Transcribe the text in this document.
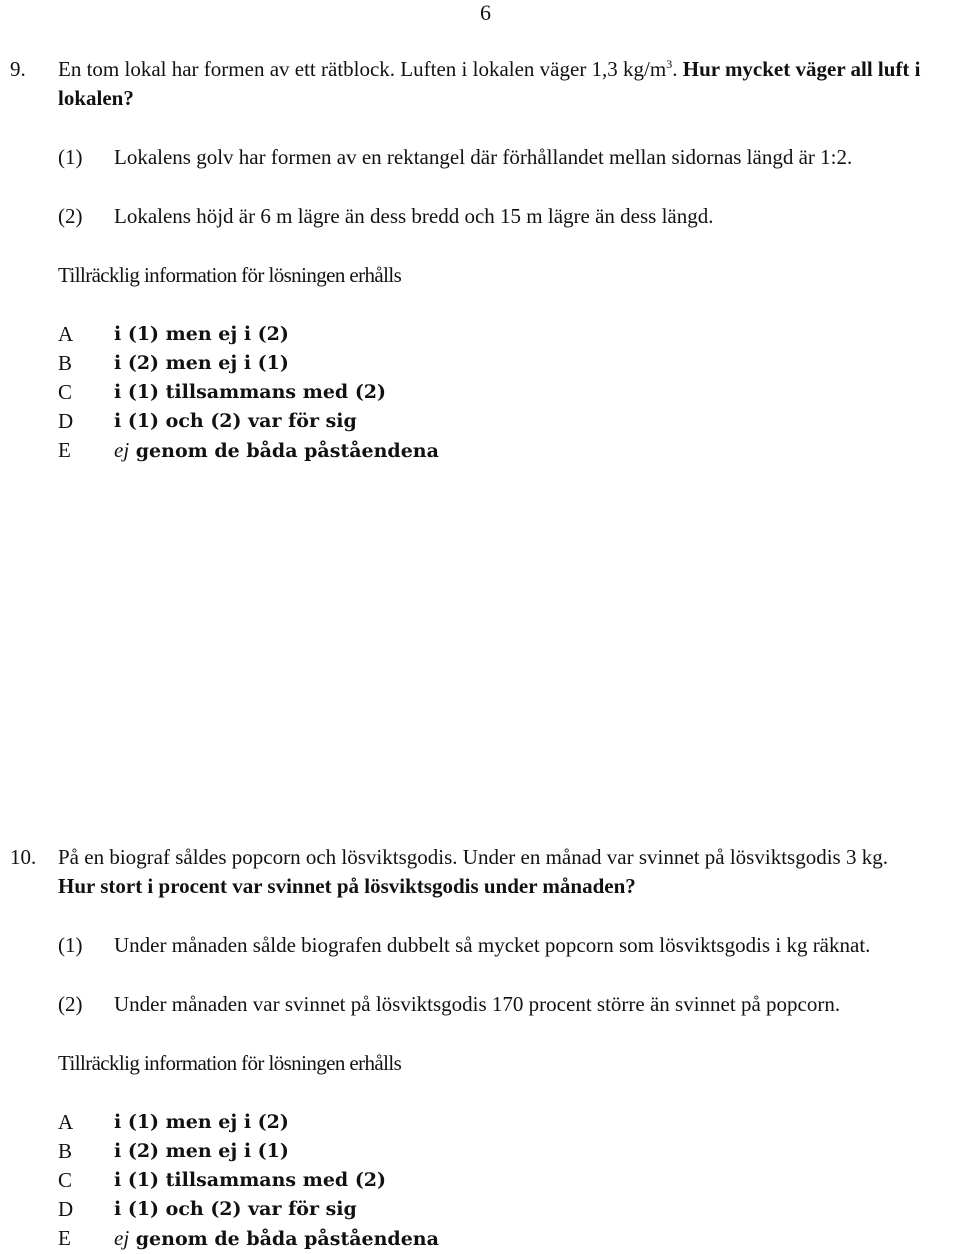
6
9. En tom lokal har formen av ett rätblock. Luften i lokalen väger 1,3 $kg/m^3$. Hur mycket väger all luft i lokalen?
(1) Lokalens golv har formen av en rektangel där förhållandet mellan sidornas längd är 1:2.
(2) Lokalens höjd är 6 m lägre än dess bredd och 15 m lägre än dess längd.
Tillräcklig information för lösningen erhålls
A i (1) men ej i (2)
B i (2) men ej i (1)
C i (1) tillsammans med (2)
D i (1) och (2) var för sig
E ej genom de båda påståendena
10. På en biograf såldes popcorn och lösviktsgodis. Under en månad var svinnet på lösviktsgodis 3 kg.
Hur stort i procent var svinnet på lösviktsgodis under månaden?
(1) Under månaden sålde biografen dubbelt så mycket popcorn som lösviktsgodis i kg räknat.
(2) Under månaden var svinnet på lösviktsgodis 170 procent större än svinnet på popcorn.
Tillräcklig information för lösningen erhålls
A i (1) men ej i (2)
B i (2) men ej i (1)
C i (1) tillsammans med (2)
D i (1) och (2) var för sig
E ej genom de båda påståendena
